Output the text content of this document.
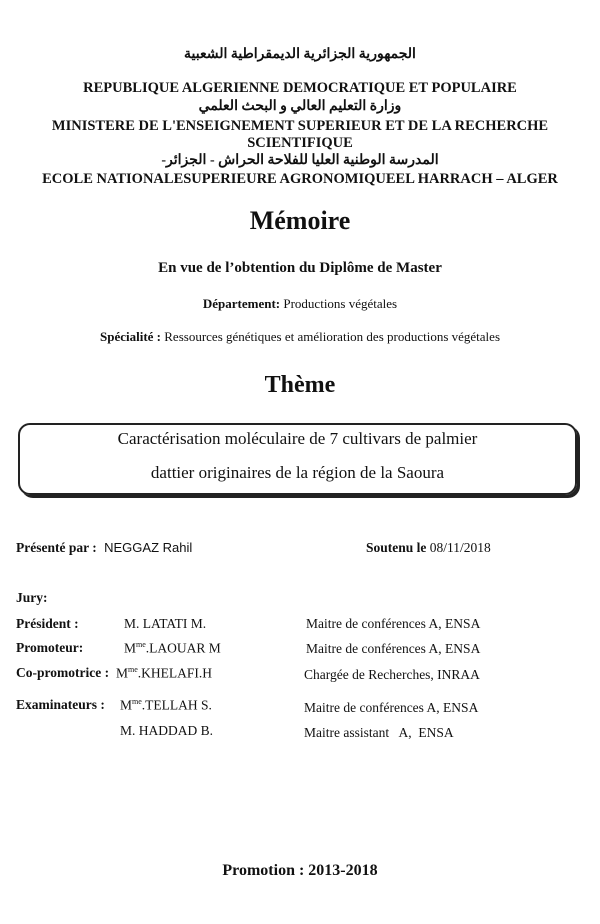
الجمهورية الجزائرية الديمقراطية الشعبية
REPUBLIQUE ALGERIENNE DEMOCRATIQUE ET POPULAIRE
وزارة التعليم العالي و البحث العلمي
MINISTERE DE L'ENSEIGNEMENT SUPERIEUR ET DE LA RECHERCHE
SCIENTIFIQUE
المدرسة الوطنية العليا للفلاحة الحراش - الجزائر-
ECOLE NATIONALESUPERIEURE AGRONOMIQUEEL HARRACH – ALGER
Mémoire
En vue de l’obtention du Diplôme de Master
Département: Productions végétales
Spécialité : Ressources génétiques et amélioration des productions végétales
Thème
Caractérisation moléculaire de 7 cultivars de palmier
dattier originaires de la région de la Saoura
Présenté par : NEGGAZ Rahil	Soutenu le 08/11/2018
Jury:
Président :	M. LATATI M.	Maitre de conférences A, ENSA
Promoteur:	$M^{me}.LAOUAR$ M	Maitre de conférences A, ENSA
Co-promotrice : $M^{me}.KHELAFI.H$	Chargée de Recherches, INRAA
Examinateurs : $M^{me}.TELLAH$ S.	Maitre de conférences A, ENSA
M. HADDAD B.	Maitre assistant   A,  ENSA
Promotion : 2013-2018
